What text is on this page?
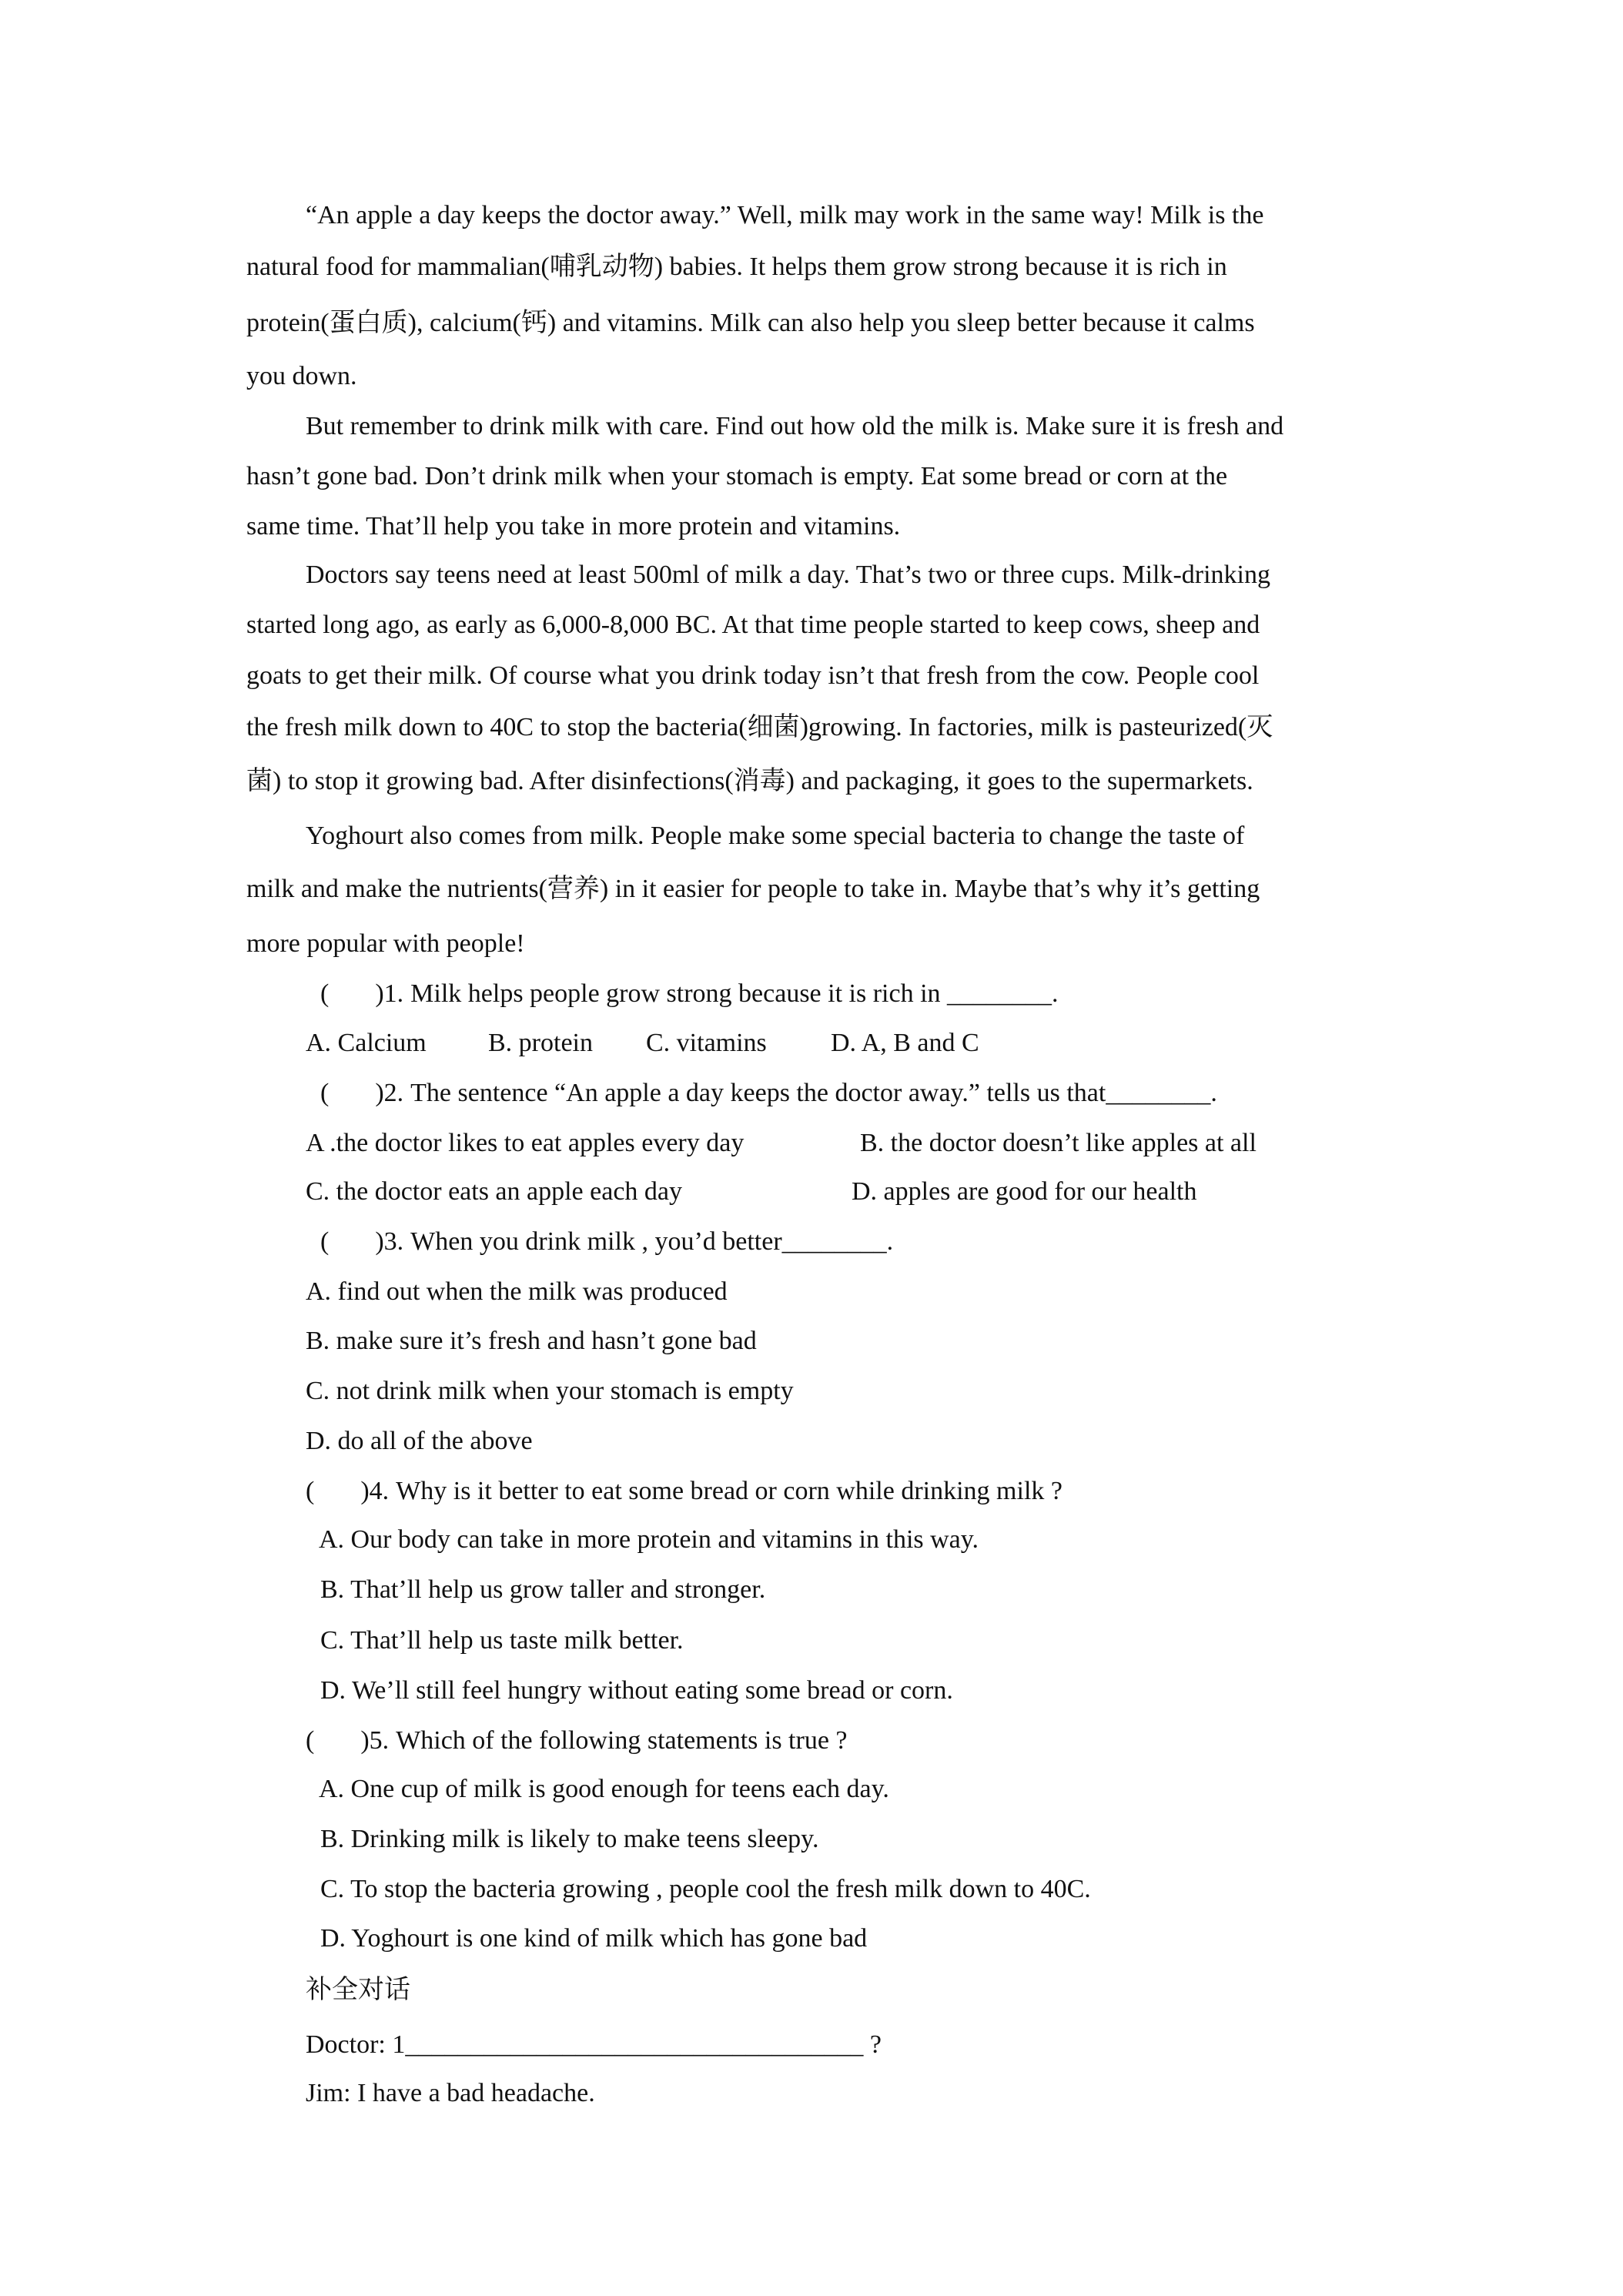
“An apple a day keeps the doctor away.” Well, milk may work in the same way! Milk is the
natural food for mammalian(哺乳动物) babies. It helps them grow strong because it is rich in
protein(蛋白质), calcium(钙) and vitamins. Milk can also help you sleep better because it calms
you down.
But remember to drink milk with care. Find out how old the milk is. Make sure it is fresh and
hasn’t gone bad. Don’t drink milk when your stomach is empty. Eat some bread or corn at the
same time. That’ll help you take in more protein and vitamins.
Doctors say teens need at least 500ml of milk a day. That’s two or three cups. Milk-drinking
started long ago, as early as 6,000-8,000 BC. At that time people started to keep cows, sheep and
goats to get their milk. Of course what you drink today isn’t that fresh from the cow. People cool
the fresh milk down to 40C to stop the bacteria(细菌)growing. In factories, milk is pasteurized(灭
菌) to stop it growing bad. After disinfections(消毒) and packaging, it goes to the supermarkets.
Yoghourt also comes from milk. People make some special bacteria to change the taste of
milk and make the nutrients(营养) in it easier for people to take in. Maybe that’s why it’s getting
more popular with people!
( )1. Milk helps people grow strong because it is rich in ________.
A. Calcium B. protein C. vitamins D. A, B and C
( )2. The sentence “An apple a day keeps the doctor away.” tells us that________.
A .the doctor likes to eat apples every day	B. the doctor doesn’t like apples at all
C. the doctor eats an apple each day	D. apples are good for our health
( )3. When you drink milk , you’d better________.
A. find out when the milk was produced
B. make sure it’s fresh and hasn’t gone bad
C. not drink milk when your stomach is empty
D. do all of the above
( )4. Why is it better to eat some bread or corn while drinking milk ?
A. Our body can take in more protein and vitamins in this way.
B. That’ll help us grow taller and stronger.
C. That’ll help us taste milk better.
D. We’ll still feel hungry without eating some bread or corn.
( )5. Which of the following statements is true ?
A. One cup of milk is good enough for teens each day.
B. Drinking milk is likely to make teens sleepy.
C. To stop the bacteria growing , people cool the fresh milk down to 40C.
D. Yoghourt is one kind of milk which has gone bad
补全对话
Doctor: 1___________________________________ ?
Jim: I have a bad headache.
